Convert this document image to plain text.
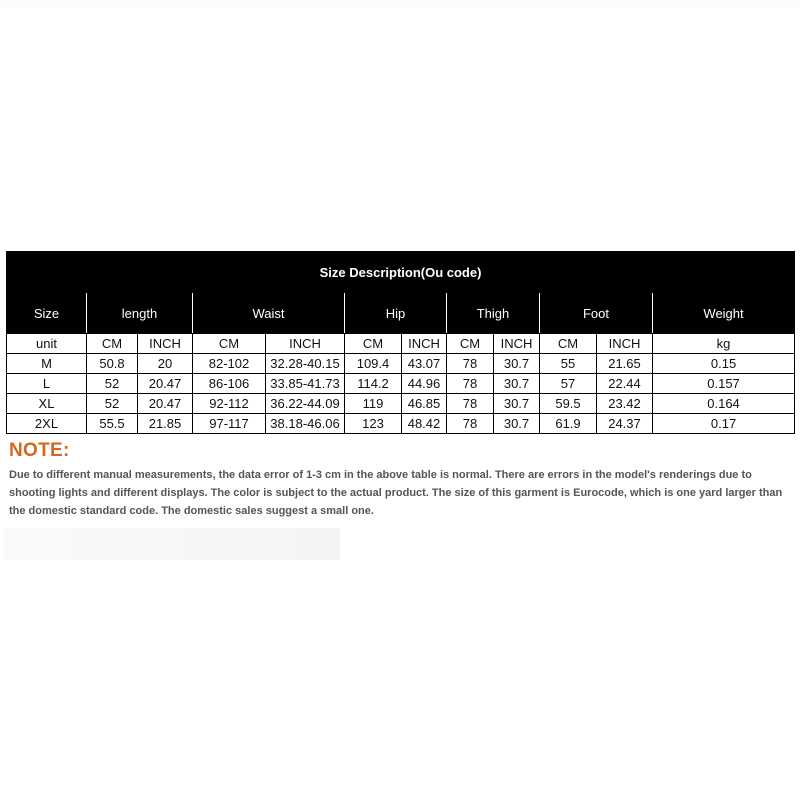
Size Description(Ou code)											
Size	length		Waist		Hip		Thigh		Foot		Weight
unit	CM	INCH	CM	INCH	CM	INCH	CM	INCH	CM	INCH	kg
M	50.8	20	82-102	32.28-40.15	109.4	43.07	78	30.7	55	21.65	0.15
L	52	20.47	86-106	33.85-41.73	114.2	44.96	78	30.7	57	22.44	0.157
XL	52	20.47	92-112	36.22-44.09	119	46.85	78	30.7	59.5	23.42	0.164
2XL	55.5	21.85	97-117	38.18-46.06	123	48.42	78	30.7	61.9	24.37	0.17
NOTE:
Due to different manual measurements, the data error of 1-3 cm in the above table is normal. There are errors in the model's renderings due to shooting lights and different displays. The color is subject to the actual product. The size of this garment is Eurocode, which is one yard larger than the domestic standard code. The domestic sales suggest a small one.
